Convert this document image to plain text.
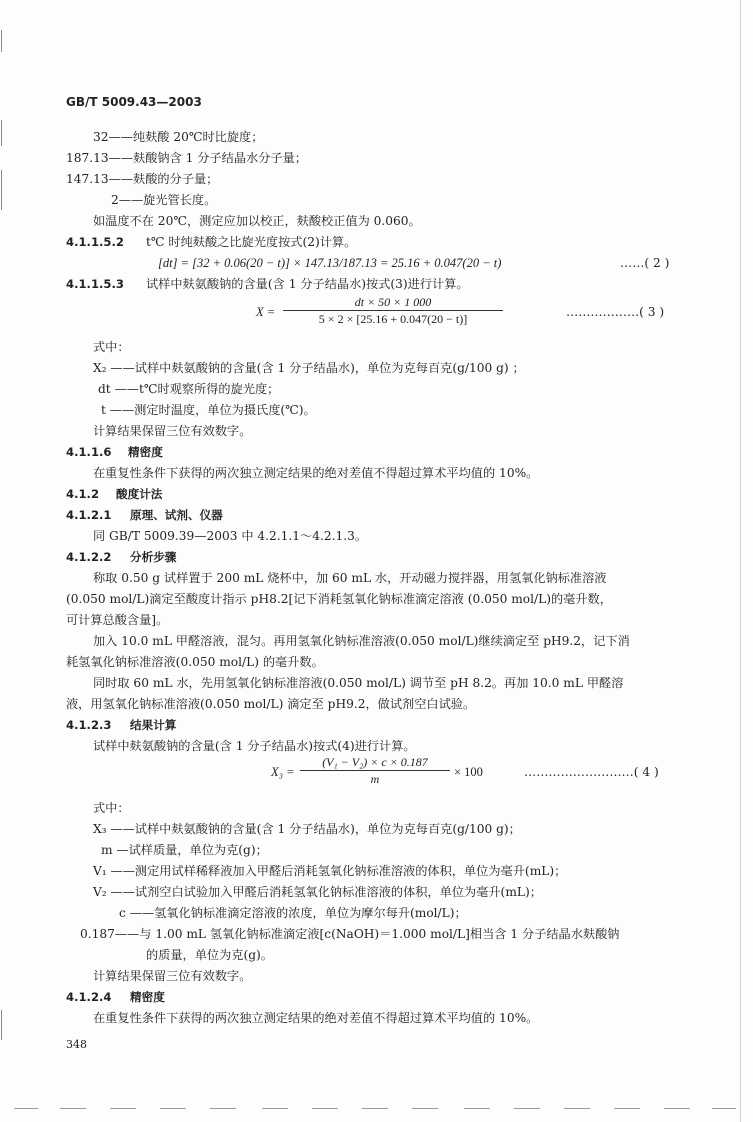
GB/T 5009.43—2003
32——纯麸酸 20℃时比旋度；
187.13——麸酸钠含 1 分子结晶水分子量；
147.13——麸酸的分子量；
2——旋光管长度。
如温度不在 20℃，测定应加以校正，麸酸校正值为 0.060。
4.1.1.5.2 t℃ 时纯麸酸之比旋光度按式(2)计算。
[dt] = [32 + 0.06(20 − t)] × 147.13/187.13 = 25.16 + 0.047(20 − t)	……( 2 )
4.1.1.5.3 试样中麸氨酸钠的含量(含 1 分子结晶水)按式(3)进行计算。
$X = \frac{dt \times 50 \times 1 000}{5 \times 2 \times [25.16 + 0.047(20 - t)]}$	………………( 3 )
式中：
X₂ ——试样中麸氨酸钠的含量(含 1 分子结晶水)，单位为克每百克(g/100 g) ；
dt ——t℃时观察所得的旋光度；
t ——测定时温度，单位为摄氏度(℃)。
计算结果保留三位有效数字。
4.1.1.6 精密度
在重复性条件下获得的两次独立测定结果的绝对差值不得超过算术平均值的 10%。
4.1.2 酸度计法
4.1.2.1 原理、试剂、仪器
同 GB/T 5009.39—2003 中 4.2.1.1～4.2.1.3。
4.1.2.2 分析步骤
称取 0.50 g 试样置于 200 mL 烧杯中，加 60 mL 水，开动磁力搅拌器，用氢氧化钠标准溶液
(0.050 mol/L)滴定至酸度计指示 pH8.2[记下消耗氢氧化钠标准滴定溶液 (0.050 mol/L)的毫升数，
可计算总酸含量]。
加入 10.0 mL 甲醛溶液，混匀。再用氢氧化钠标准溶液(0.050 mol/L)继续滴定至 pH9.2，记下消
耗氢氧化钠标准溶液(0.050 mol/L) 的毫升数。
同时取 60 mL 水，先用氢氧化钠标准溶液(0.050 mol/L) 调节至 pH 8.2。再加 10.0 mL 甲醛溶
液，用氢氧化钠标准溶液(0.050 mol/L) 滴定至 pH9.2，做试剂空白试验。
4.1.2.3 结果计算
试样中麸氨酸钠的含量(含 1 分子结晶水)按式(4)进行计算。
$X_3 = \frac{\text{(V₁ − V₂) × c × 0.187}}{m} \times 100$	………………………( 4 )
式中：
X₃ ——试样中麸氨酸钠的含量(含 1 分子结晶水)，单位为克每百克(g/100 g)；
m —试样质量，单位为克(g)；
V₁ ——测定用试样稀释液加入甲醛后消耗氢氧化钠标准溶液的体积，单位为毫升(mL)；
V₂ ——试剂空白试验加入甲醛后消耗氢氧化钠标准溶液的体积，单位为毫升(mL)；
c ——氢氧化钠标准滴定溶液的浓度，单位为摩尔每升(mol/L)；
0.187——与 1.00 mL 氢氧化钠标准滴定液[c(NaOH)＝1.000 mol/L]相当含 1 分子结晶水麸酸钠
的质量，单位为克(g)。
计算结果保留三位有效数字。
4.1.2.4 精密度
在重复性条件下获得的两次独立测定结果的绝对差值不得超过算术平均值的 10%。
348
